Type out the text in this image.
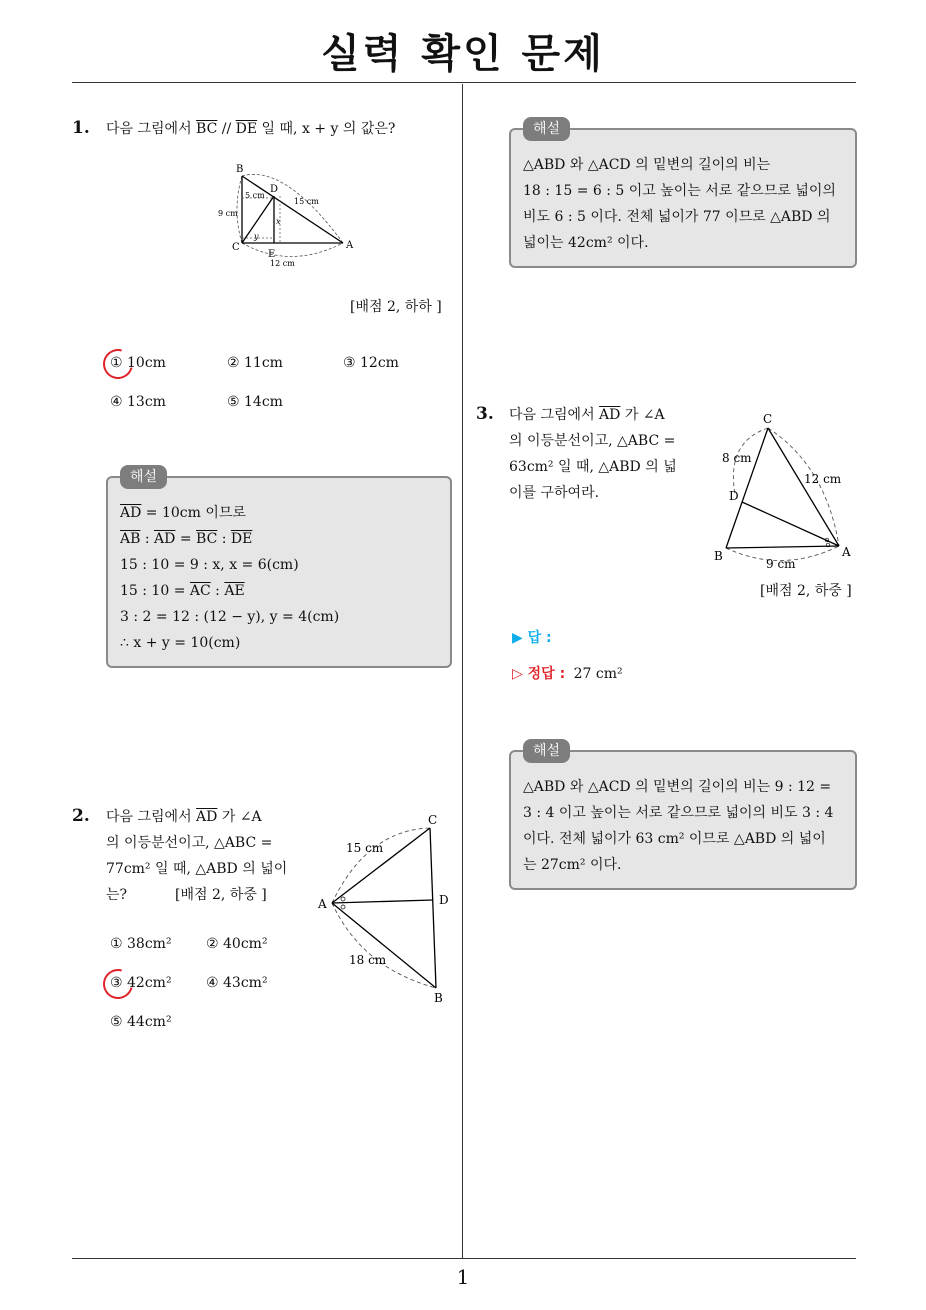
실력 확인 문제
1
1. 다음 그림에서 $\overline{BC} // \overline{DE}$ 일 때, x + y 의 값은?
B
D
C
E
A
5 cm
15 cm
9 cm
y
x
12 cm
[배점 2, 하하 ]
① 10cm	② 11cm	③ 12cm
④ 13cm	⑤ 14cm
해설
$\overline{AD} = 10cm$ 이므로
$\overline{AB}$ : $\overline{AD} = \overline{BC}$ : $\overline{DE}$
15 : 10 = 9 : x, x = 6(cm)
15 : $10 = \overline{AC}$ : $\overline{AE}$
3 : 2 = 12 : (12 − y), y = 4(cm)
∴ x + y = 10(cm)
2. 다음 그림에서 $\overline{AD}$ 가 ∠A
의 이등분선이고, △ABC =
77cm² 일 때, △ABD 의 넓이
는?	[배점 2, 하중 ]
C
A	D
B
15 cm
18 cm
① 38cm² ② 40cm²
③ 42cm² ④ 43cm²
⑤ 44cm²
해설
△ABD 와 △ACD 의 밑변의 길이의 비는
18 : 15 = 6 : 5 이고 높이는 서로 같으므로 넓이의
비도 6 : 5 이다. 전체 넓이가 77 이므로 △ABD 의
넓이는 42cm² 이다.
3. 다음 그림에서 $\overline{AD}$ 가 ∠A
의 이등분선이고, △ABC =
63cm² 일 때, △ABD 의 넓
이를 구하여라.
C
D
B	A
8 cm
12 cm
9 cm
[배점 2, 하중 ]
▶ 답 :
▷ 정답 : 27 cm²
해설
△ABD 와 △ACD 의 밑변의 길이의 비는 9 : 12 =
3 : 4 이고 높이는 서로 같으므로 넓이의 비도 3 : 4
이다. 전체 넓이가 63 cm² 이므로 △ABD 의 넓이
는 27cm² 이다.
